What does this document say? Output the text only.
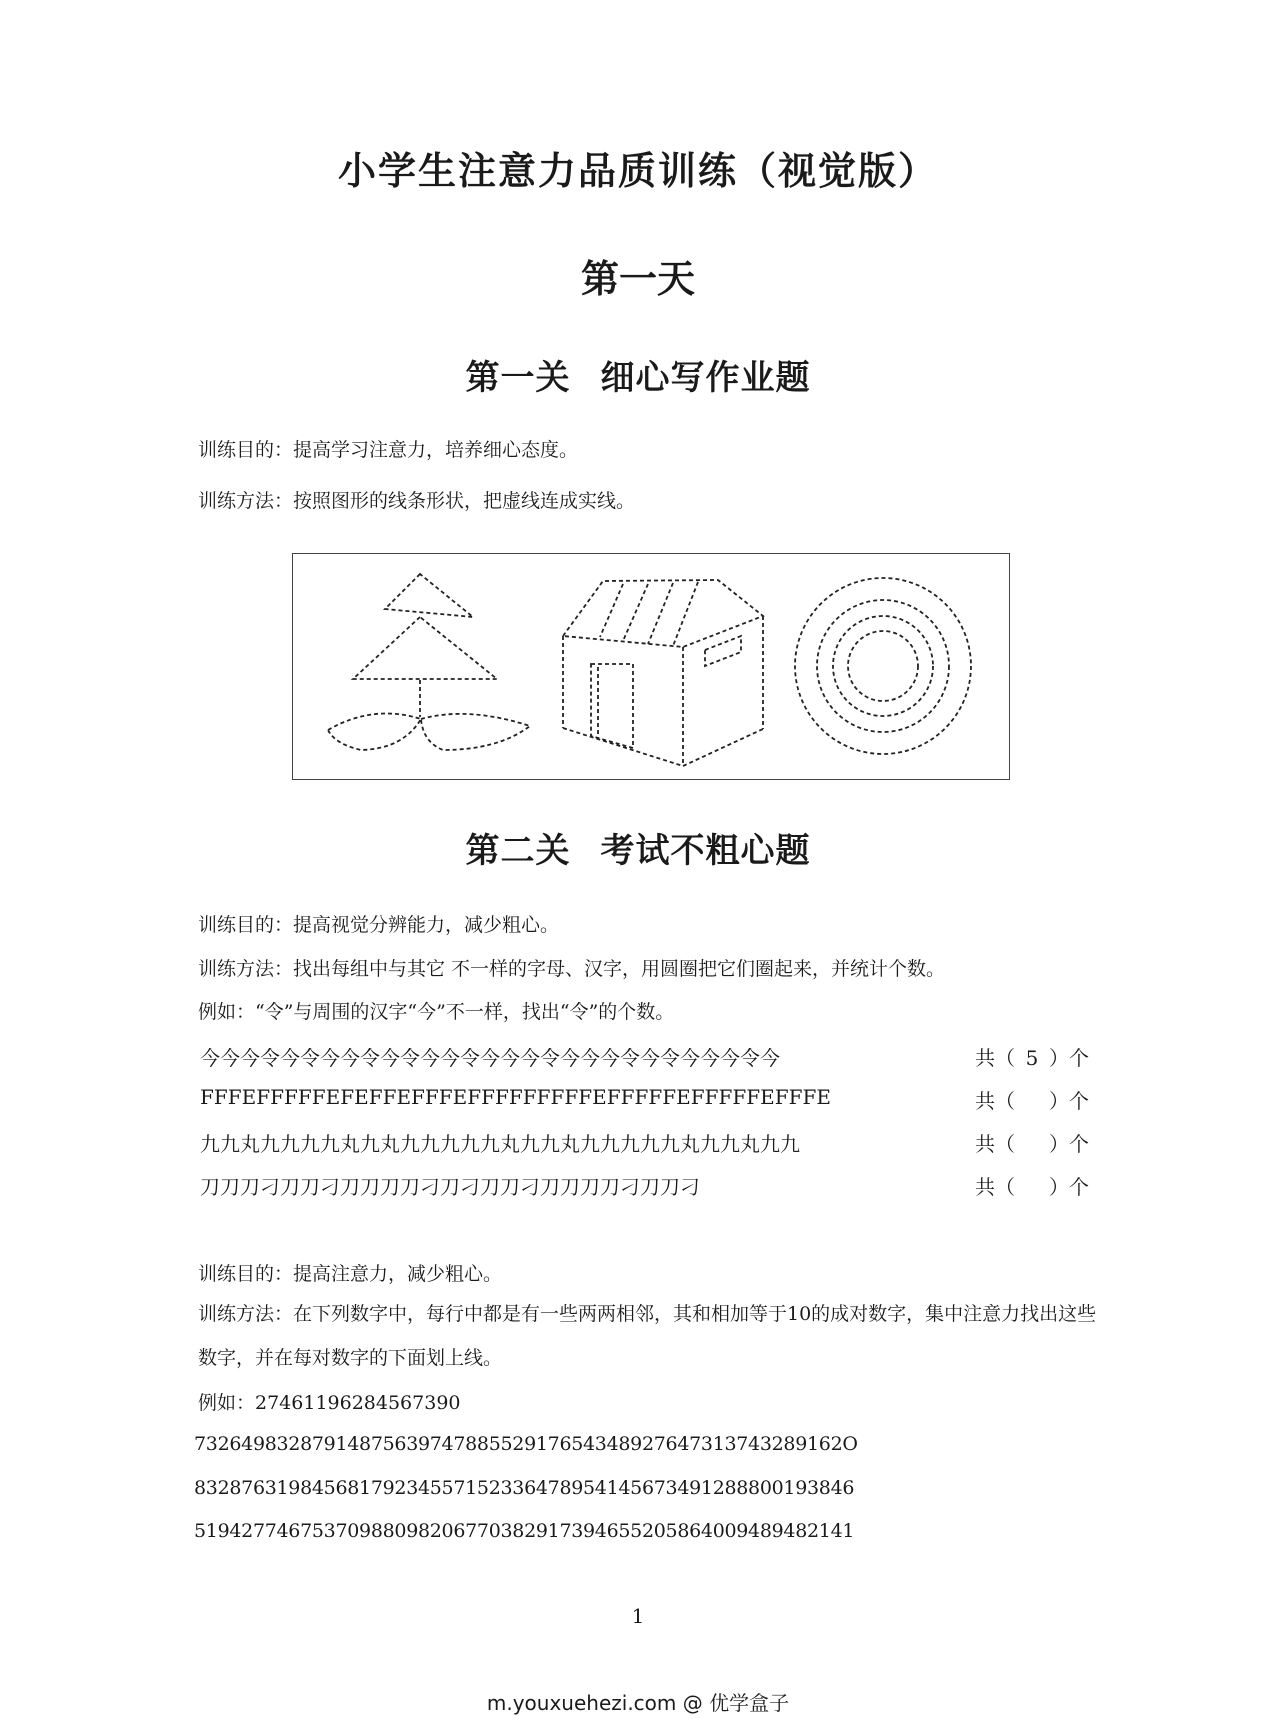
小学生注意力品质训练（视觉版）
第一天
第一关 细心写作业题
训练目的：提高学习注意力，培养细心态度。
训练方法：按照图形的线条形状，把虚线连成实线。
第二关 考试不粗心题
训练目的：提高视觉分辨能力，减少粗心。
训练方法：找出每组中与其它 不一样的字母、汉字，用圆圈把它们圈起来，并统计个数。
例如：“令”与周围的汉字“今”不一样，找出“令”的个数。
今今今令今令今今令今令今今令今今今令今今今令今令今今今令今	共（ 5 ）个
FFFEFFFFFEFEFFEFFFEFFFFFFFFFEFFFFFEFFFFFEFFFE	共（ ）个
九九丸九九九九丸九丸九九九九九丸九九丸九九九九九丸九九丸九九	共（ ）个
刀刀刀刁刀刀刁刀刀刀刀刁刀刁刀刀刁刀刀刀刀刁刀刀刁	共（ ）个
训练目的：提高注意力，减少粗心。
训练方法：在下列数字中，每行中都是有一些两两相邻，其和相加等于10的成对数字，集中注意力找出这些数字，并在每对数字的下面划上线。
例如：27461196284567390
7326498328791487563974788552917654348927647313743289162O
83287631984568179234557152336478954145673491288800193846
51942774675370988098206770382917394655205864009489482141
1
m.youxuehezi.com @ 优学盒子
